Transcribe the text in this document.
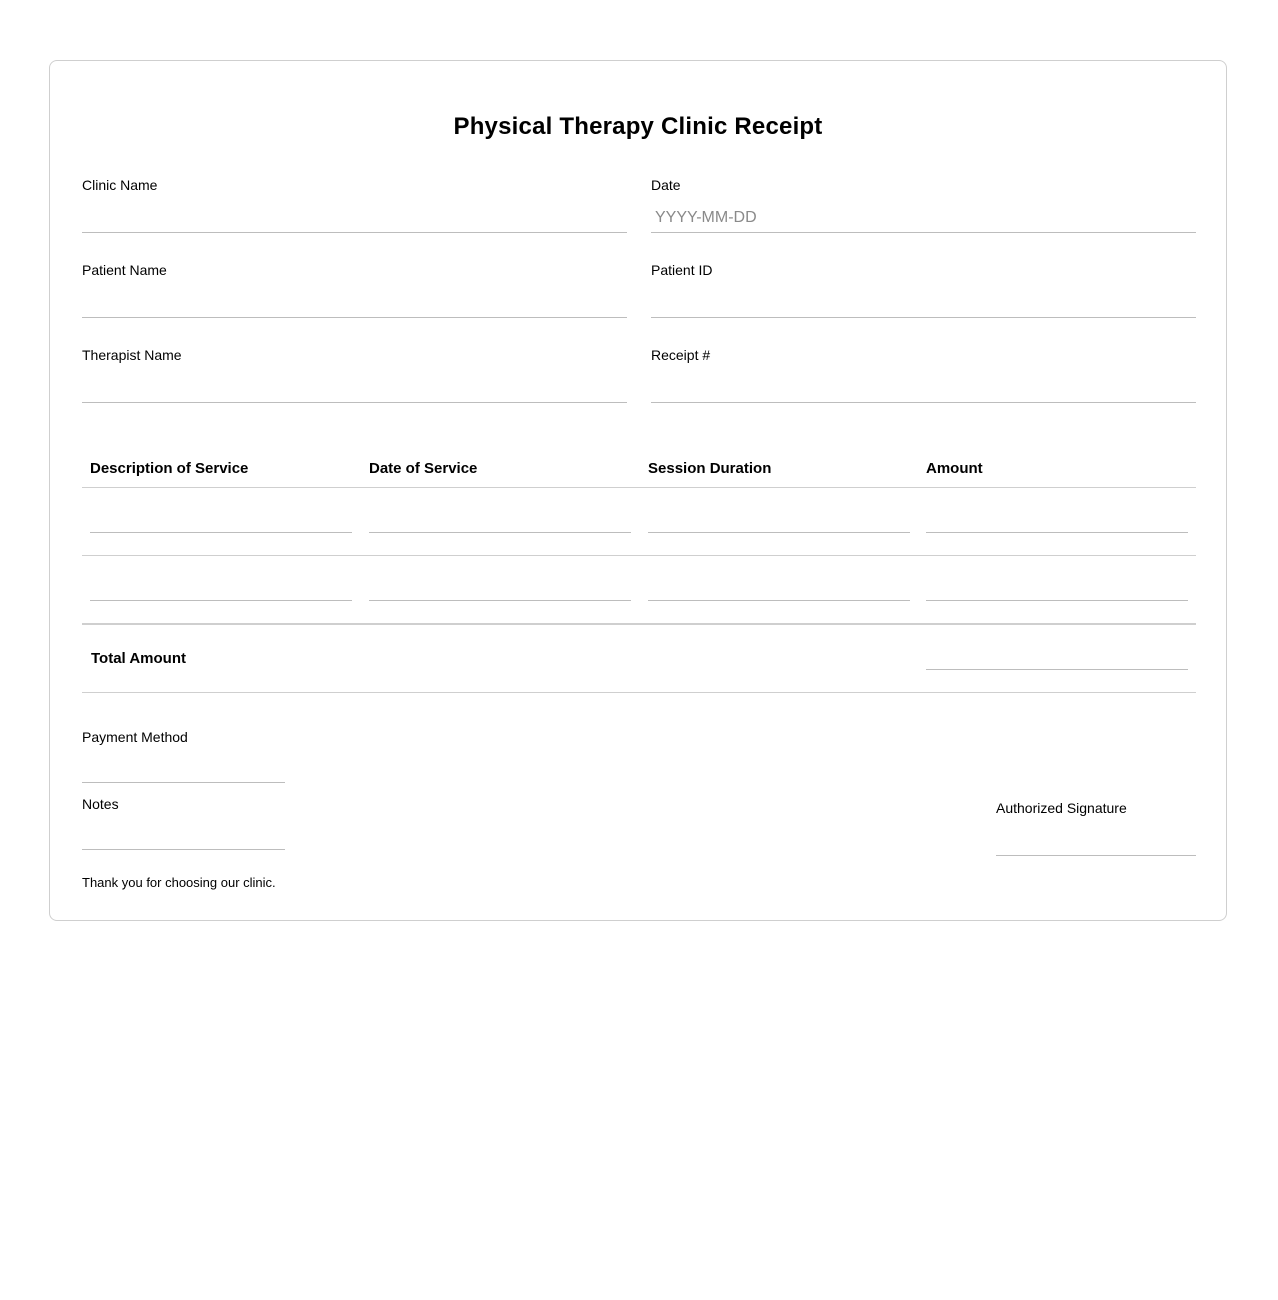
Physical Therapy Clinic Receipt
Clinic Name	Date
YYYY-MM-DD
Patient Name	Patient ID
Therapist Name	Receipt #
Description of Service	Date of Service	Session Duration	Amount
Total Amount
Payment Method
Notes	Authorized Signature
Thank you for choosing our clinic.
